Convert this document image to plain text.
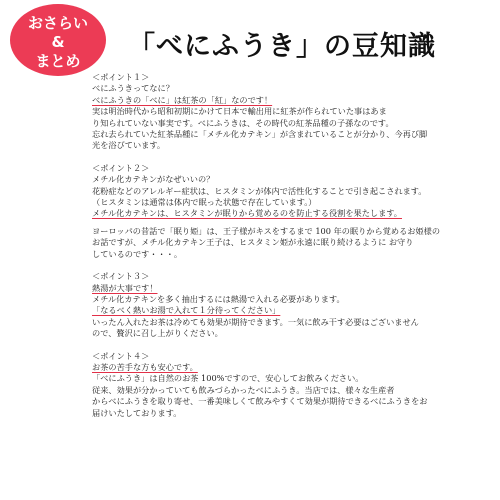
おさらい
&
まとめ	「べにふうき」の豆知識
＜ポイント１＞
べにふうきってなに？
べにふうきの「べに」は紅茶の「紅」なのです！
実は明治時代から昭和初期にかけて日本で輸出用に紅茶が作られていた事はあま
り知られていない事実です。べにふうきは、その時代の紅茶品種の子孫なのです。
忘れ去られていた紅茶品種に「メチル化カテキン」が含まれていることが分かり、今再び脚
光を浴びています。
＜ポイント２＞
メチル化カテキンがなぜいいの？
花粉症などのアレルギー症状は、ヒスタミンが体内で活性化することで引き起こされます。
（ヒスタミンは通常は体内で眠った状態で存在しています。）
メチル化カテキンは、ヒスタミンが眠りから覚めるのを防止する役割を果たします。
ヨーロッパの昔話で「眠り姫」は、王子様がキスをするまで 100 年の眠りから覚めるお姫様の
お話ですが、メチル化カテキン王子は、ヒスタミン姫が永遠に眠り続けるように お守り
しているのです・・・。
＜ポイント３＞
熱湯が大事です！
メチル化カテキンを多く抽出するには熱湯で入れる必要があります。
「なるべく熱いお湯で入れて１分待ってください」
いったん入れたお茶は冷めても効果が期待できます。一気に飲み干す必要はございません
ので、贅沢に召し上がりください。
＜ポイント４＞
お茶の苦手な方も安心です。
「べにふうき」は自然のお茶 100%ですので、安心してお飲みください。
従来、効果が分かっていても飲みづらかったべにふうき。当店では、様々な生産者
からべにふうきを取り寄せ、一番美味しくて飲みやすくて効果が期待できるべにふうきをお
届けいたしております。
